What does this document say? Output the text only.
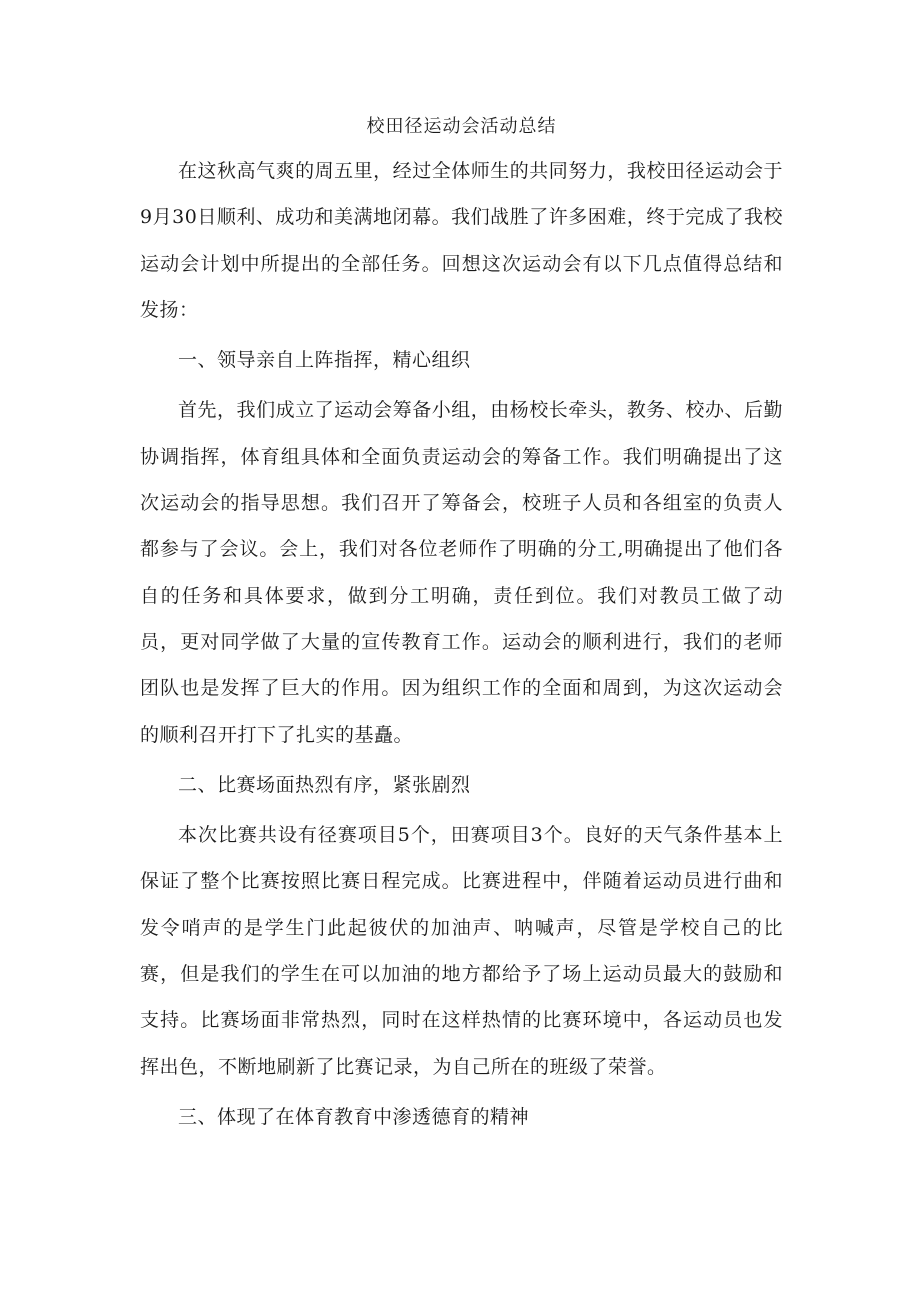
校田径运动会活动总结

在这秋高气爽的周五里，经过全体师生的共同努力，我校田径运动会于9月30日顺利、成功和美满地闭幕。我们战胜了许多困难，终于完成了我校运动会计划中所提出的全部任务。回想这次运动会有以下几点值得总结和发扬：

一、领导亲自上阵指挥，精心组织

首先，我们成立了运动会筹备小组，由杨校长牵头，教务、校办、后勤协调指挥，体育组具体和全面负责运动会的筹备工作。我们明确提出了这次运动会的指导思想。我们召开了筹备会，校班子人员和各组室的负责人都参与了会议。会上，我们对各位老师作了明确的分工,明确提出了他们各自的任务和具体要求，做到分工明确，责任到位。我们对教员工做了动员，更对同学做了大量的宣传教育工作。运动会的顺利进行，我们的老师团队也是发挥了巨大的作用。因为组织工作的全面和周到，为这次运动会的顺利召开打下了扎实的基矗。

二、比赛场面热烈有序，紧张剧烈

本次比赛共设有径赛项目5个，田赛项目3个。良好的天气条件基本上保证了整个比赛按照比赛日程完成。比赛进程中，伴随着运动员进行曲和发令哨声的是学生门此起彼伏的加油声、呐喊声，尽管是学校自己的比赛，但是我们的学生在可以加油的地方都给予了场上运动员最大的鼓励和支持。比赛场面非常热烈，同时在这样热情的比赛环境中，各运动员也发挥出色，不断地刷新了比赛记录，为自己所在的班级了荣誉。

三、体现了在体育教育中渗透德育的精神
